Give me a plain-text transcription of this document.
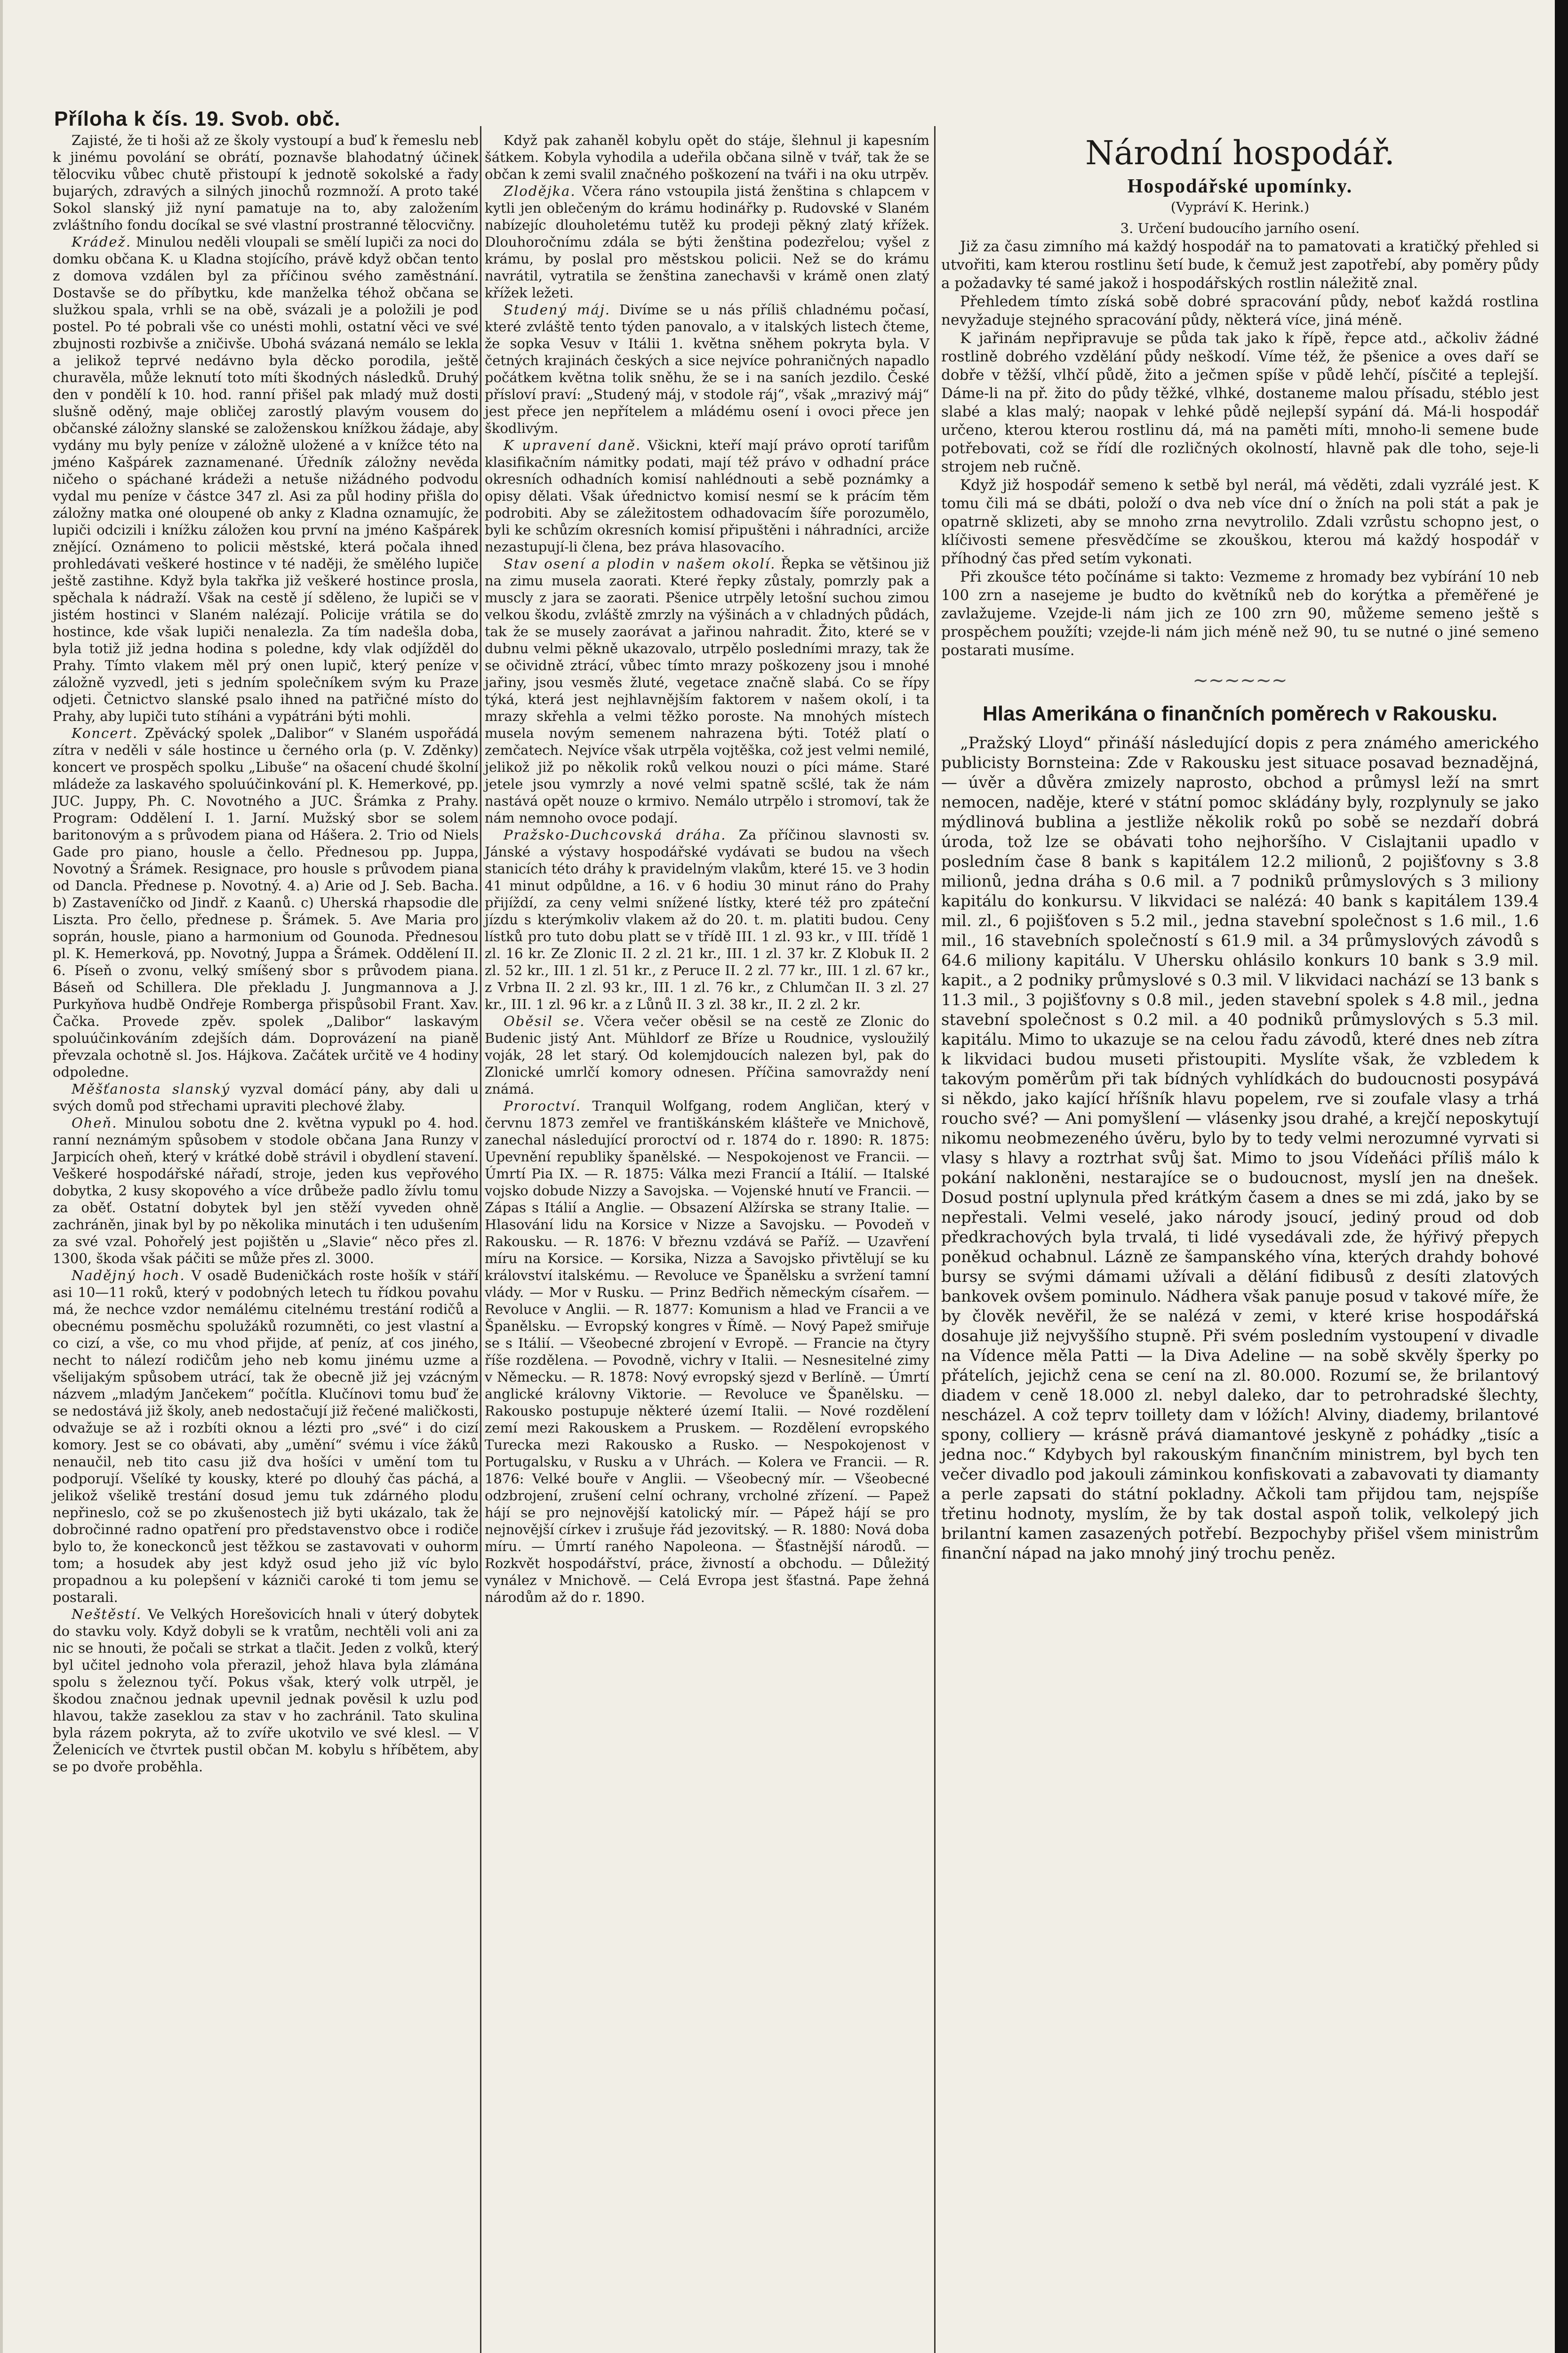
Příloha k čís. 19. Svob. obč.

Zajisté, že ti hoši až ze školy vystoupí a buď k řemeslu neb k jinému povolání se obrátí, poznavše blahodatný účinek tělocviku vůbec chutě přistoupí k jednotě sokolské a řady bujarých, zdravých a silných jinochů rozmnoží. A proto také Sokol slanský již nyní pamatuje na to, aby založením zvláštního fondu docíkal se své vlastní prostranné tělocvičny.

Krádež. Minulou neděli vloupali se smělí lupiči za noci do domku občana K. u Kladna stojícího, právě když občan tento z domova vzdálen byl za příčinou svého zaměstnání. Dostavše se do příbytku, kde manželka téhož občana se služkou spala, vrhli se na obě, svázali je a položili je pod postel. Po té pobrali vše co unésti mohli, ostatní věci ve své zbujnosti rozbivše a zničivše. Ubohá svázaná nemálo se lekla a jelikož teprvé nedávno byla děcko porodila, ještě churavěla, může leknutí toto míti škodných následků. Druhý den v pondělí k 10. hod. ranní přišel pak mladý muž dosti slušně oděný, maje obličej zarostlý plavým vousem do občanské záložny slanské se založenskou knížkou žádaje, aby vydány mu byly peníze v záložně uložené a v knížce této na jméno Kašpárek zaznamenané. Úředník záložny nevěda ničeho o spáchané krádeži a netuše nižádného podvodu vydal mu peníze v částce 347 zl. Asi za půl hodiny přišla do záložny matka oné oloupené ob anky z Kladna oznamujíc, že lupiči odcizili i knížku záložen kou první na jméno Kašpárek znějící. Oznámeno to policii městské, která počala ihned prohledávati veškeré hostince v té naději, že smělého lupiče ještě zastihne. Když byla takřka již veškeré hostince prosla, spěchala k nádraží. Však na cestě jí sděleno, že lupiči se v jistém hostinci v Slaném nalézají. Policije vrátila se do hostince, kde však lupiči nenalezla. Za tím nadešla doba, byla totiž již jedna hodina s poledne, kdy vlak odjížděl do Prahy. Tímto vlakem měl prý onen lupič, který peníze v záložně vyzvedl, jeti s jedním společníkem svým ku Praze odjeti. Četnictvo slanské psalo ihned na patřičné místo do Prahy, aby lupiči tuto stíháni a vypátráni býti mohli.

Koncert. Zpěvácký spolek „Dalibor“ v Slaném uspořádá zítra v neděli v sále hostince u černého orla (p. V. Zděnky) koncert ve prospěch spolku „Libuše“ na ošacení chudé školní mládeže za laskavého spoluúčinkování pl. K. Hemerkové, pp. JUC. Juppy, Ph. C. Novotného a JUC. Šrámka z Prahy. Program: Oddělení I. 1. Jarní. Mužský sbor se solem baritonovým a s průvodem piana od Hášera. 2. Trio od Niels Gade pro piano, housle a čello. Přednesou pp. Juppa, Novotný a Šrámek. Resignace, pro housle s průvodem piana od Dancla. Přednese p. Novotný. 4. a) Arie od J. Seb. Bacha. b) Zastaveníčko od Jindř. z Kaanů. c) Uherská rhapsodie dle Liszta. Pro čello, přednese p. Šrámek. 5. Ave Maria pro soprán, housle, piano a harmonium od Gounoda. Přednesou pl. K. Hemerková, pp. Novotný, Juppa a Šrámek. Oddělení II. 6. Píseň o zvonu, velký smíšený sbor s průvodem piana. Báseň od Schillera. Dle překladu J. Jungmannova a J. Purkyňova hudbě Ondřeje Romberga přispůsobil Frant. Xav. Čačka. Provede zpěv. spolek „Dalibor“ laskavým spoluúčinkováním zdejších dám. Doprovázení na pianě převzala ochotně sl. Jos. Hájkova. Začátek určitě ve 4 hodiny odpoledne.

Měšťanosta slanský vyzval domácí pány, aby dali u svých domů pod střechami upraviti plechové žlaby.

Oheň. Minulou sobotu dne 2. května vypukl po 4. hod. ranní neznámým spůsobem v stodole občana Jana Runzy v Jarpicích oheň, který v krátké době strávil i obydlení stavení. Veškeré hospodářské nářadí, stroje, jeden kus vepřového dobytka, 2 kusy skopového a více drůbeže padlo žívlu tomu za oběť. Ostatní dobytek byl jen stěží vyveden ohně zachráněn, jinak byl by po několika minutách i ten udušením za své vzal. Pohořelý jest pojištěn u „Slavie“ něco přes zl. 1300, škoda však páčiti se může přes zl. 3000.

Nadějný hoch. V osadě Budeničkách roste hošík v stáří asi 10—11 roků, který v podobných letech tu řídkou povahu má, že nechce vzdor nemálému citelnému trestání rodičů a obecnému posměchu spolužáků rozumněti, co jest vlastní a co cizí, a vše, co mu vhod přijde, ať peníz, ať cos jiného, necht to nálezí rodičům jeho neb komu jinému uzme a všelijakým spůsobem utrácí, tak že obecně již jej vzácným názvem „mladým Jančekem“ počítla. Klučínovi tomu buď že se nedostává již školy, aneb nedostačují již řečené maličkosti, odvažuje se až i rozbíti oknou a lézti pro „své“ i do cizí komory. Jest se co obávati, aby „umění“ svému i více žáků nenaučil, neb tito casu již dva hošíci v umění tom tu podporují. Všelíké ty kousky, které po dlouhý čas páchá, a jelikož všelikě trestání dosud jemu tuk zdárného plodu nepřineslo, což se po zkušenostech již byti ukázalo, tak že dobročinné radno opatření pro představenstvo obce i rodiče bylo to, že koneckonců jest těžkou se zastavovati v ouhorm tom; a hosudek aby jest když osud jeho již víc bylo propadnou a ku polepšení v kázniči caroké ti tom jemu se postarali.

Neštěstí. Ve Velkých Horešovicích hnali v úterý dobytek do stavku voly. Když dobyli se k vratům, nechtěli voli ani za nic se hnouti, že počali se strkat a tlačit. Jeden z volků, který byl učitel jednoho vola přerazil, jehož hlava byla zlámána spolu s železnou tyčí. Pokus však, který volk utrpěl, je škodou značnou jednak upevnil jednak pověsil k uzlu pod hlavou, takže zaseklou za stav v ho zachránil. Tato skulina byla rázem pokryta, až to zvíře ukotvilo ve své klesl. — V Želenicích ve čtvrtek pustil občan M. kobylu s hříbětem, aby se po dvoře proběhla.

Když pak zahaněl kobylu opět do stáje, šlehnul ji kapesním šátkem. Kobyla vyhodila a udeřila občana silně v tvář, tak že se občan k zemi svalil značného poškození na tváři i na oku utrpěv.

Zlodějka. Včera ráno vstoupila jistá ženština s chlapcem v kytli jen oblečeným do krámu hodinářky p. Rudovské v Slaném nabízejíc dlouholetému tutěž ku prodeji pěkný zlatý křížek. Dlouhoročnímu zdála se býti ženština podezřelou; vyšel z krámu, by poslal pro městskou policii. Než se do krámu navrátil, vytratila se ženština zanechavši v krámě onen zlatý křížek ležeti.

Studený máj. Divíme se u nás příliš chladnému počasí, které zvláště tento týden panovalo, a v italských listech čteme, že sopka Vesuv v Itálii 1. května sněhem pokryta byla. V četných krajinách českých a sice nejvíce pohraničných napadlo počátkem května tolik sněhu, že se i na saních jezdilo. České přísloví praví: „Studený máj, v stodole ráj“, však „mrazivý máj“ jest přece jen nepřítelem a mládému osení i ovoci přece jen škodlivým.

K upravení daně. Všickni, kteří mají právo oprotí tarifům klasifikačním námitky podati, mají též právo v odhadní práce okresních odhadních komisí nahlédnouti a sebě poznámky a opisy dělati. Však úřednictvo komisí nesmí se k prácím těm podrobiti. Aby se záležitostem odhadovacím šíře porozumělo, byli ke schůzím okresních komisí připuštěni i náhradníci, arciže nezastupují-li člena, bez práva hlasovacího.

Stav osení a plodin v našem okolí. Řepka se většinou již na zimu musela zaorati. Které řepky zůstaly, pomrzly pak a muscly z jara se zaorati. Pšenice utrpěly letošní suchou zimou velkou škodu, zvláště zmrzly na výšinách a v chladných půdách, tak že se musely zaorávat a jařinou nahradit. Žito, které se v dubnu velmi pěkně ukazovalo, utrpělo posledními mrazy, tak že se očividně ztrácí, vůbec tímto mrazy poškozeny jsou i mnohé jařiny, jsou vesměs žluté, vegetace značně slabá. Co se řípy týká, která jest nejhlavnějším faktorem v našem okolí, i ta mrazy skřehla a velmi těžko poroste. Na mnohých místech musela novým semenem nahrazena býti. Totéž platí o zemčatech. Nejvíce však utrpěla vojtěška, což jest velmi nemilé, jelikož již po několik roků velkou nouzi o píci máme. Staré jetele jsou vymrzly a nové velmi spatně scšlé, tak že nám nastává opět nouze o krmivo. Nemálo utrpělo i stromoví, tak že nám nemnoho ovoce podají.

Pražsko-Duchcovská dráha. Za příčinou slavnosti sv. Jánské a výstavy hospodářské vydávati se budou na všech stanicích této dráhy k pravidelným vlakům, které 15. ve 3 hodin 41 minut odpůldne, a 16. v 6 hodiu 30 minut ráno do Prahy přijíždí, za ceny velmi snížené lístky, které též pro zpáteční jízdu s kterýmkoliv vlakem až do 20. t. m. platiti budou. Ceny lístků pro tuto dobu platt se v třídě III. 1 zl. 93 kr., v III. třídě 1 zl. 16 kr. Ze Zlonic II. 2 zl. 21 kr., III. 1 zl. 37 kr. Z Klobuk II. 2 zl. 52 kr., III. 1 zl. 51 kr., z Peruce II. 2 zl. 77 kr., III. 1 zl. 67 kr., z Vrbna II. 2 zl. 93 kr., III. 1 zl. 76 kr., z Chlumčan II. 3 zl. 27 kr., III. 1 zl. 96 kr. a z Lůnů II. 3 zl. 38 kr., II. 2 zl. 2 kr.

Oběsil se. Včera večer oběsil se na cestě ze Zlonic do Budenic jistý Ant. Mühldorf ze Bříze u Roudnice, vysloužilý voják, 28 let starý. Od kolemjdoucích nalezen byl, pak do Zlonické umrlčí komory odnesen. Příčina samovraždy není známá.

Proroctví. Tranquil Wolfgang, rodem Angličan, který v červnu 1873 zemřel ve františkánském klášteře ve Mnichově, zanechal následující proroctví od r. 1874 do r. 1890: R. 1875: Upevnění republiky španělské. — Nespokojenost ve Francii. — Úmrtí Pia IX. — R. 1875: Válka mezi Francií a Itálií. — Italské vojsko dobude Nizzy a Savojska. — Vojenské hnutí ve Francii. — Zápas s Itálií a Anglie. — Obsazení Alžírska se strany Italie. — Hlasování lidu na Korsice v Nizze a Savojsku. — Povodeň v Rakousku. — R. 1876: V březnu vzdává se Paříž. — Uzavření míru na Korsice. — Korsika, Nizza a Savojsko přivtělují se ku království italskému. — Revoluce ve Španělsku a svržení tamní vlády. — Mor v Rusku. — Prinz Bedřich německým císařem. — Revoluce v Anglii. — R. 1877: Komunism a hlad ve Francii a ve Španělsku. — Evropský kongres v Římě. — Nový Papež smiřuje se s Itálií. — Všeobecné zbrojení v Evropě. — Francie na čtyry říše rozdělena. — Povodně, vichry v Italii. — Nesnesitelné zimy v Německu. — R. 1878: Nový evropský sjezd v Berlíně. — Úmrtí anglické královny Viktorie. — Revoluce ve Španělsku. — Rakousko postupuje některé území Italii. — Nové rozdělení zemí mezi Rakouskem a Pruskem. — Rozdělení evropského Turecka mezi Rakousko a Rusko. — Nespokojenost v Portugalsku, v Rusku a v Uhrách. — Kolera ve Francii. — R. 1876: Velké bouře v Anglii. — Všeobecný mír. — Všeobecné odzbrojení, zrušení celní ochrany, vrcholné zřízení. — Papež hájí se pro nejnovější katolický mír. — Pápež hájí se pro nejnovější církev i zrušuje řád jezovitský. — R. 1880: Nová doba míru. — Úmrtí raného Napoleona. — Šťastnější národů. — Rozkvět hospodářství, práce, živností a obchodu. — Důležitý vynález v Mnichově. — Celá Evropa jest šťastná. Pape žehná národům až do r. 1890.

Národní hospodář.
Hospodářské upomínky.
(Vypráví K. Herink.)
3. Určení budoucího jarního osení.

Již za času zimního má každý hospodář na to pamatovati a kratičký přehled si utvořiti, kam kterou rostlinu šetí bude, k čemuž jest zapotřebí, aby poměry půdy a požadavky té samé jakož i hospodářských rostlin náležitě znal.

Přehledem tímto získá sobě dobré spracování půdy, neboť každá rostlina nevyžaduje stejného spracování půdy, některá více, jiná méně.

K jařinám nepřipravuje se půda tak jako k řípě, řepce atd., ačkoliv žádné rostlině dobrého vzdělání půdy neškodí. Víme též, že pšenice a oves daří se dobře v těžší, vlhčí půdě, žito a ječmen spíše v půdě lehčí, písčité a teplejší. Dáme-li na př. žito do půdy těžké, vlhké, dostaneme malou přísadu, stéblo jest slabé a klas malý; naopak v lehké půdě nejlepší sypání dá. Má-li hospodář určeno, kterou kterou rostlinu dá, má na paměti míti, mnoho-li semene bude potřebovati, což se řídí dle rozličných okolností, hlavně pak dle toho, seje-li strojem neb ručně.

Když již hospodář semeno k setbě byl nerál, má věděti, zdali vyzrálé jest. K tomu čili má se dbáti, položí o dva neb více dní o žních na poli stát a pak je opatrně sklizeti, aby se mnoho zrna nevytrolilo. Zdali vzrůstu schopno jest, o klíčivosti semene přesvědčíme se zkouškou, kterou má každý hospodář v příhodný čas před setím vykonati.

Při zkoušce této počínáme si takto: Vezmeme z hromady bez vybírání 10 neb 100 zrn a nasejeme je budto do květníků neb do korýtka a přeměřené je zavlažujeme. Vzejde-li nám jich ze 100 zrn 90, můžeme semeno ještě s prospěchem použíti; vzejde-li nám jich méně než 90, tu se nutné o jiné semeno postarati musíme.

~~~~~~
Hlas Amerikána o finančních poměrech v Rakousku.

„Pražský Lloyd“ přináší následující dopis z pera známého amerického publicisty Bornsteina: Zde v Rakousku jest situace posavad beznadějná, — úvěr a důvěra zmizely naprosto, obchod a průmysl leží na smrt nemocen, naděje, které v státní pomoc skládány byly, rozplynuly se jako mýdlinová bublina a jestliže několik roků po sobě se nezdaří dobrá úroda, tož lze se obávati toho nejhoršího. V Cislajtanii upadlo v posledním čase 8 bank s kapitálem 12.2 milionů, 2 pojišťovny s 3.8 milionů, jedna dráha s 0.6 mil. a 7 podniků průmyslových s 3 miliony kapitálu do konkursu. V likvidaci se nalézá: 40 bank s kapitálem 139.4 mil. zl., 6 pojišťoven s 5.2 mil., jedna stavební společnost s 1.6 mil., 1.6 mil., 16 stavebních společností s 61.9 mil. a 34 průmyslových závodů s 64.6 miliony kapitálu. V Uhersku ohlásilo konkurs 10 bank s 3.9 mil. kapit., a 2 podniky průmyslové s 0.3 mil. V likvidaci nachází se 13 bank s 11.3 mil., 3 pojišťovny s 0.8 mil., jeden stavební spolek s 4.8 mil., jedna stavební společnost s 0.2 mil. a 40 podniků průmyslových s 5.3 mil. kapitálu. Mimo to ukazuje se na celou řadu závodů, které dnes neb zítra k likvidaci budou museti přistoupiti. Myslíte však, že vzbledem k takovým poměrům při tak bídných vyhlídkách do budoucnosti posypává si někdo, jako kající hříšník hlavu popelem, rve si zoufale vlasy a trhá roucho své? — Ani pomyšlení — vlásenky jsou drahé, a krejčí neposkytují nikomu neobmezeného úvěru, bylo by to tedy velmi nerozumné vyrvati si vlasy s hlavy a roztrhat svůj šat. Mimo to jsou Vídeňáci příliš málo k pokání nakloněni, nestarajíce se o budoucnost, myslí jen na dnešek. Dosud postní uplynula před krátkým časem a dnes se mi zdá, jako by se nepřestali. Velmi veselé, jako národy jsoucí, jediný proud od dob předkrachových byla trvalá, ti lidé vysedávali zde, že hýřivý přepych poněkud ochabnul. Lázně ze šampanského vína, kterých drahdy bohové bursy se svými dámami užívali a dělání fidibusů z desíti zlatových bankovek ovšem pominulo. Nádhera však panuje posud v takové míře, že by člověk nevěřil, že se nalézá v zemi, v které krise hospodářská dosahuje již nejvyššího stupně. Při svém posledním vystoupení v divadle na Vídence měla Patti — la Diva Adeline — na sobě skvěly šperky po přátelích, jejichž cena se cení na zl. 80.000. Rozumí se, že brilantový diadem v ceně 18.000 zl. nebyl daleko, dar to petrohradské šlechty, nescházel. A což teprv toillety dam v lóžích! Alviny, diademy, brilantové spony, colliery — krásně prává diamantové jeskyně z pohádky „tisíc a jedna noc.“ Kdybych byl rakouským finančním ministrem, byl bych ten večer divadlo pod jakouli záminkou konfiskovati a zabavovati ty diamanty a perle zapsati do státní pokladny. Ačkoli tam přijdou tam, nejspíše třetinu hodnoty, myslím, že by tak dostal aspoň tolik, velkolepý jich brilantní kamen zasazených potřebí. Bezpochyby přišel všem ministrům finanční nápad na jako mnohý jiný trochu peněz.
